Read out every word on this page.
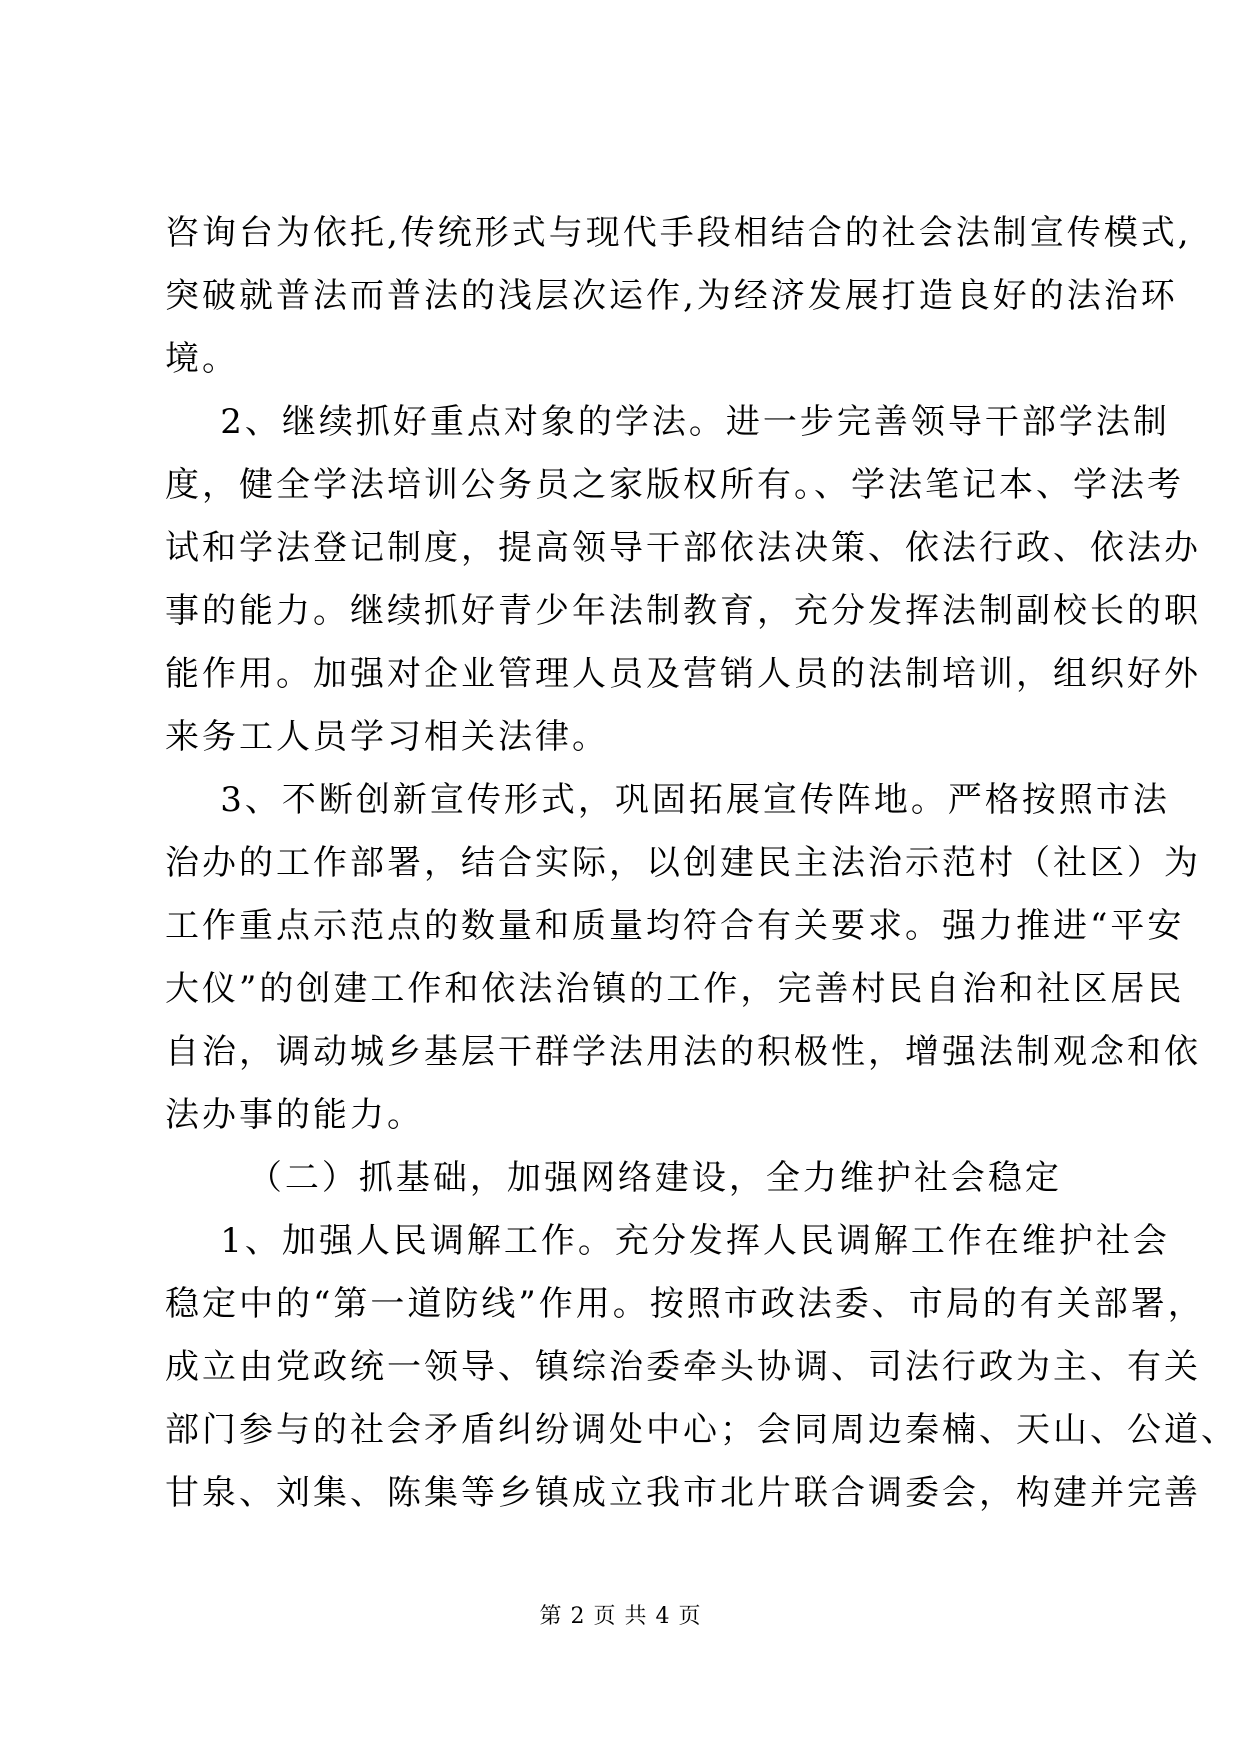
咨询台为依托,传统形式与现代手段相结合的社会法制宣传模式,
突破就普法而普法的浅层次运作,为经济发展打造良好的法治环
境。
2、继续抓好重点对象的学法。进一步完善领导干部学法制
度，健全学法培训公务员之家版权所有。、学法笔记本、学法考
试和学法登记制度，提高领导干部依法决策、依法行政、依法办
事的能力。继续抓好青少年法制教育，充分发挥法制副校长的职
能作用。加强对企业管理人员及营销人员的法制培训，组织好外
来务工人员学习相关法律。
3、不断创新宣传形式，巩固拓展宣传阵地。严格按照市法
治办的工作部署，结合实际，以创建民主法治示范村（社区）为
工作重点示范点的数量和质量均符合有关要求。强力推进“平安
大仪”的创建工作和依法治镇的工作，完善村民自治和社区居民
自治，调动城乡基层干群学法用法的积极性，增强法制观念和依
法办事的能力。
（二）抓基础，加强网络建设，全力维护社会稳定
1、加强人民调解工作。充分发挥人民调解工作在维护社会
稳定中的“第一道防线”作用。按照市政法委、市局的有关部署，
成立由党政统一领导、镇综治委牵头协调、司法行政为主、有关
部门参与的社会矛盾纠纷调处中心；会同周边秦楠、天山、公道、
甘泉、刘集、陈集等乡镇成立我市北片联合调委会，构建并完善
第 2 页 共 4 页
